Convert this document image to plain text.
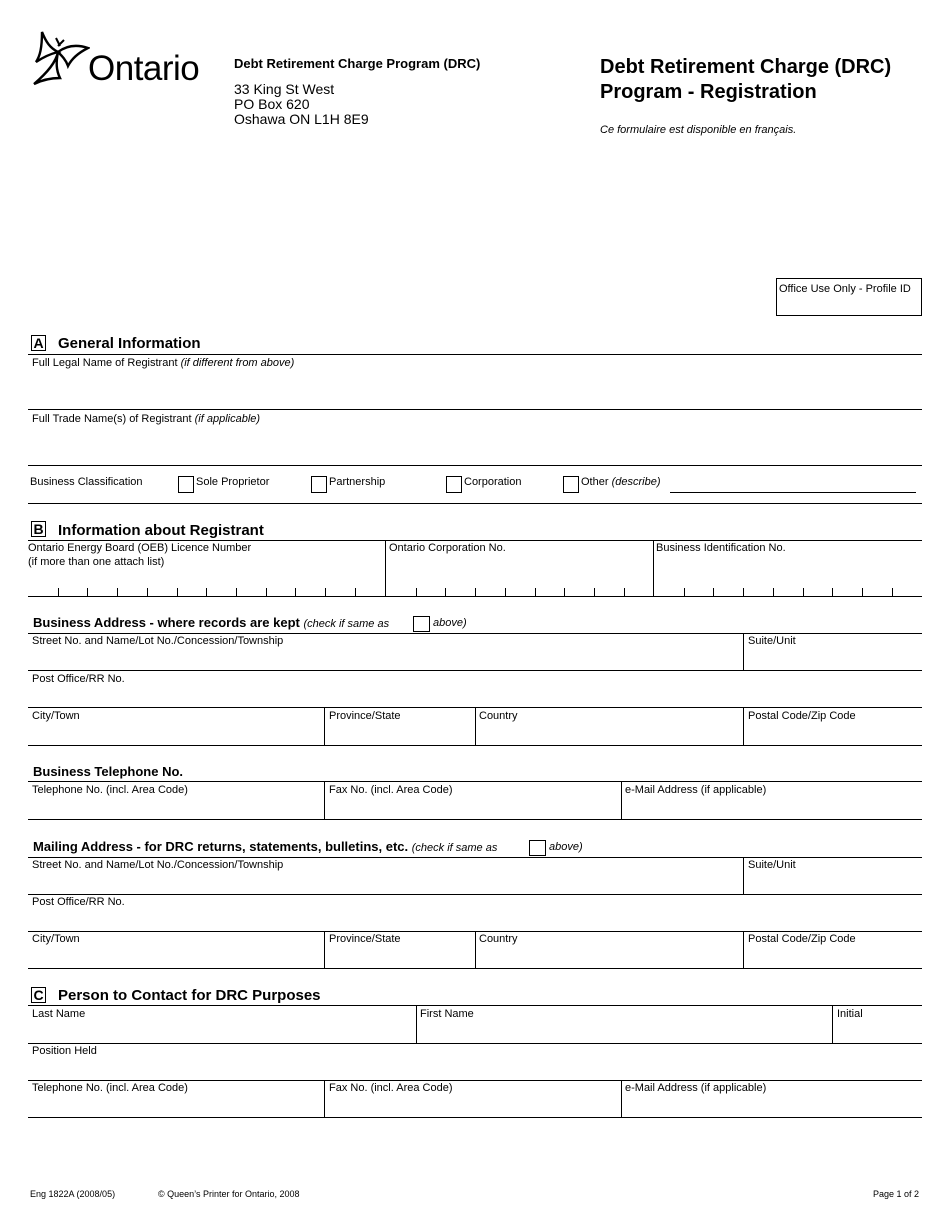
Ontario	Debt Retirement Charge Program (DRC)
33 King St West
PO Box 620
Oshawa ON L1H 8E9
Debt Retirement Charge (DRC)
Program - Registration
Ce formulaire est disponible en français.
Office Use Only - Profile ID
A General Information
Full Legal Name of Registrant (if different from above)
Full Trade Name(s) of Registrant (if applicable)
Business Classification	Sole Proprietor	Partnership	Corporation	Other (describe)
B Information about Registrant
Ontario Energy Board (OEB) Licence Number
(if more than one attach list)
Ontario Corporation No.	Business Identification No.
Business Address - where records are kept (check if same as	above)
Street No. and Name/Lot No./Concession/Township	Suite/Unit
Post Office/RR No.
City/Town	Province/State	Country	Postal Code/Zip Code
Business Telephone No.
Telephone No. (incl. Area Code)	Fax No. (incl. Area Code)	e-Mail Address (if applicable)
Mailing Address - for DRC returns, statements, bulletins, etc. (check if same as	above)
Street No. and Name/Lot No./Concession/Township	Suite/Unit
Post Office/RR No.
City/Town	Province/State	Country	Postal Code/Zip Code
C Person to Contact for DRC Purposes
Last Name	First Name	Initial
Position Held
Telephone No. (incl. Area Code)	Fax No. (incl. Area Code)	e-Mail Address (if applicable)
Eng 1822A (2008/05)	© Queen’s Printer for Ontario, 2008	Page 1 of 2
